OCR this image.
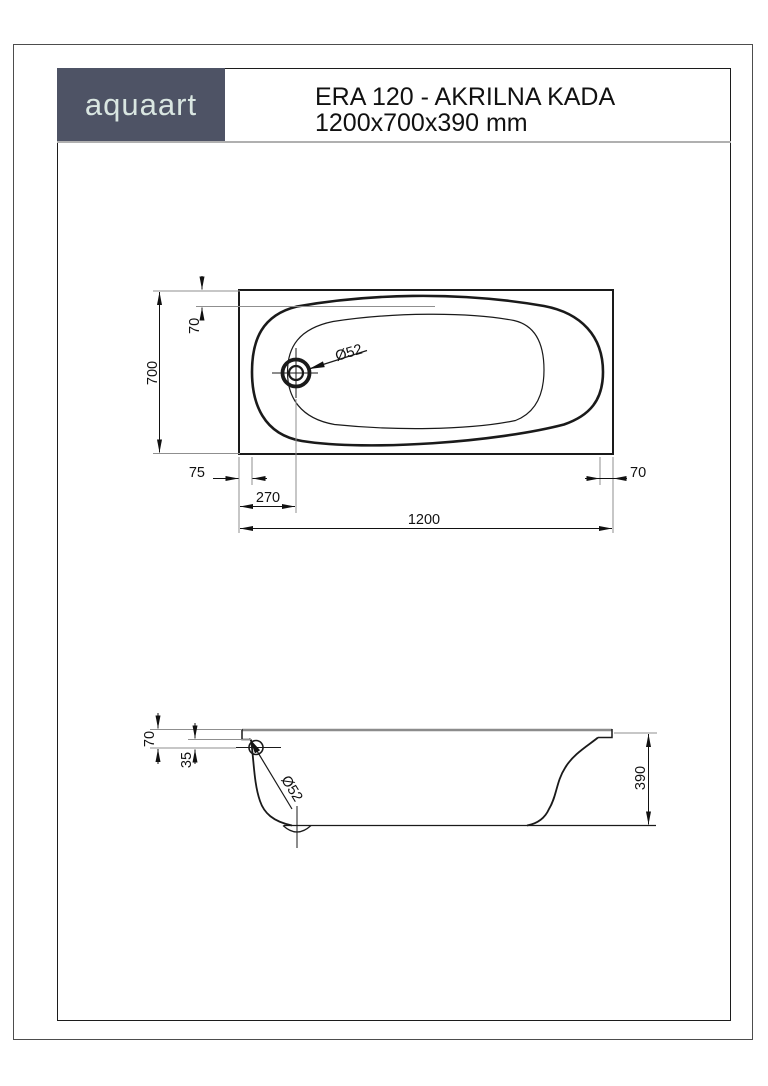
aquaart	ERA 120 - AKRILNA KADA
1200x700x390 mm
Ø52
70
700
75	70
270
1200
Ø52
70
35
390
